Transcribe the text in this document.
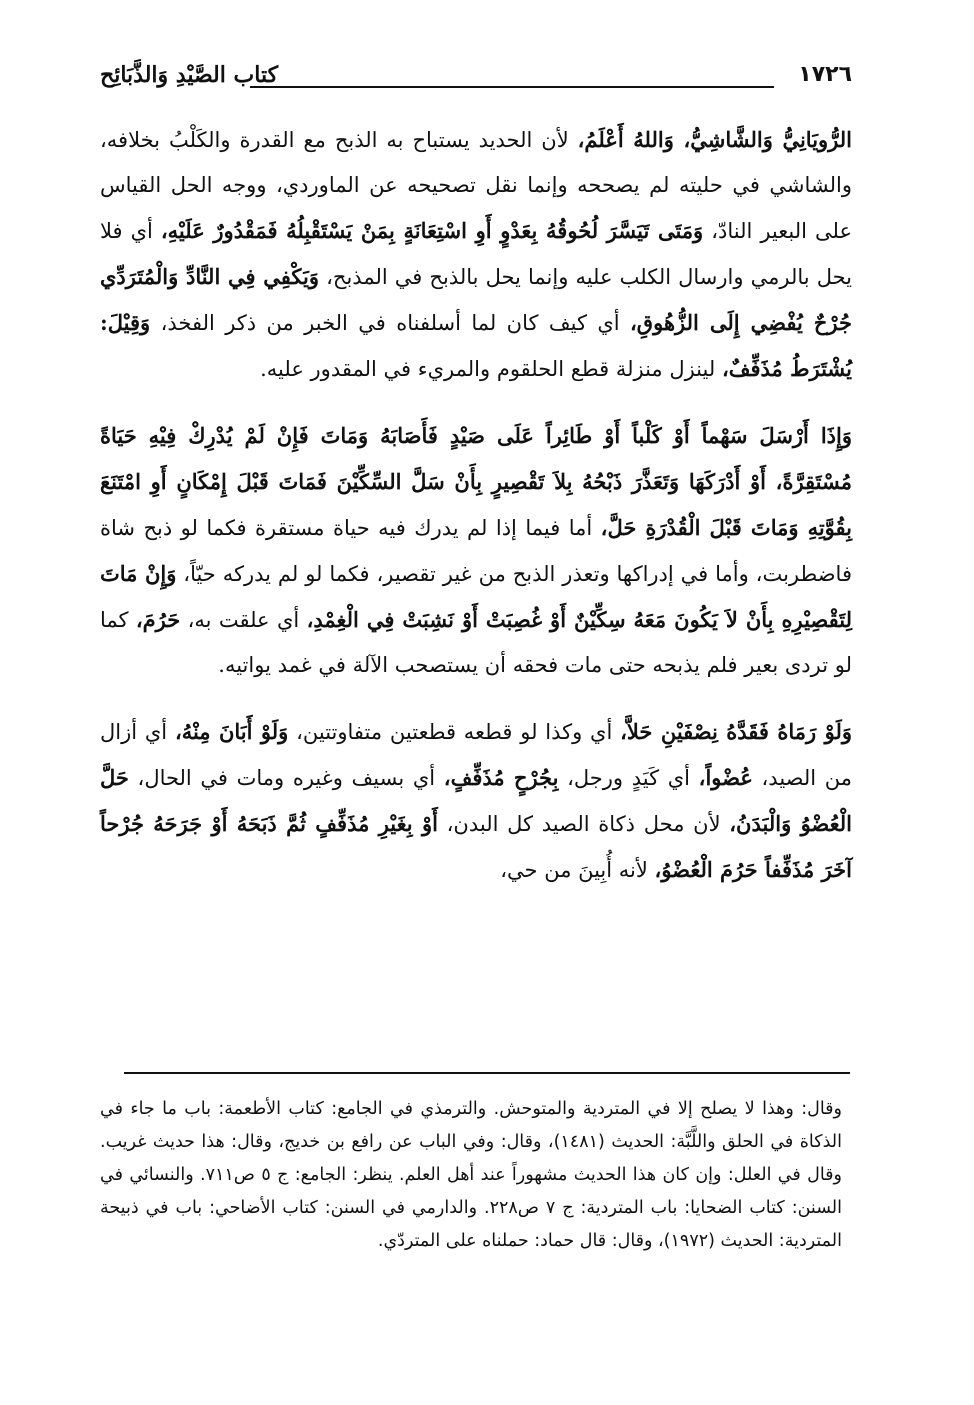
١٧٢٦
كتاب الصَّيْدِ وَالذَّبَائِح

الرُّويَانِيُّ وَالشَّاشِيُّ، وَاللهُ أَعْلَمُ، لأن الحديد يستباح به الذبح مع القدرة والكَلْبُ بخلافه، والشاشي في حليته لم يصححه وإنما نقل تصحيحه عن الماوردي، ووجه الحل القياس على البعير النادّ، وَمَتَى تَيَسَّرَ لُحُوقُهُ بِعَدْوٍ أَوِ اسْتِعَانَةٍ بِمَنْ يَسْتَقْبِلُهُ فَمَقْدُورٌ عَلَيْهِ، أي فلا يحل بالرمي وارسال الكلب عليه وإنما يحل بالذبح في المذبح، وَيَكْفِي فِي النَّادِّ وَالْمُتَرَدِّي جُرْحٌ يُفْضِي إِلَى الزُّهُوقِ، أي كيف كان لما أسلفناه في الخبر من ذكر الفخذ، وَقِيْلَ: يُشْتَرَطُ مُذَفِّفٌ، لينزل منزلة قطع الحلقوم والمريء في المقدور عليه.

وَإِذَا أَرْسَلَ سَهْماً أَوْ كَلْباً أَوْ طَائِراً عَلَى صَيْدٍ فَأَصَابَهُ وَمَاتَ فَإِنْ لَمْ يُدْرِكْ فِيْهِ حَيَاةً مُسْتَقِرَّةً، أَوْ أَدْرَكَهَا وَتَعَذَّرَ ذَبْحُهُ بِلاَ تَقْصِيرٍ بِأَنْ سَلَّ السِّكِّيْنَ فَمَاتَ قَبْلَ إِمْكَانٍ أَوِ امْتَنَعَ بِقُوَّتِهِ وَمَاتَ قَبْلَ الْقُدْرَةِ حَلَّ، أما فيما إذا لم يدرك فيه حياة مستقرة فكما لو ذبح شاة فاضطربت، وأما في إدراكها وتعذر الذبح من غير تقصير، فكما لو لم يدركه حيّاً، وَإِنْ مَاتَ لِتَقْصِيْرِهِ بِأَنْ لاَ يَكُونَ مَعَهُ سِكِّيْنٌ أَوْ غُصِبَتْ أَوْ نَشِبَتْ فِي الْغِمْدِ، أي علقت به، حَرُمَ، كما لو تردى بعير فلم يذبحه حتى مات فحقه أن يستصحب الآلة في غمد يواتيه.

وَلَوْ رَمَاهُ فَقَدَّهُ نِصْفَيْنِ حَلاَّ، أي وكذا لو قطعه قطعتين متفاوتتين، وَلَوْ أَبَانَ مِنْهُ، أي أزال من الصيد، عُضْواً، أي كَيَدٍ ورجل، بِجُرْحٍ مُذَفِّفٍ، أي بسيف وغيره ومات في الحال، حَلَّ الْعُضْوُ وَالْبَدَنُ، لأن محل ذكاة الصيد كل البدن، أَوْ بِغَيْرِ مُذَفِّفٍ ثُمَّ ذَبَحَهُ أَوْ جَرَحَهُ جُرْحاً آخَرَ مُذَفِّفاً حَرُمَ الْعُضْوُ، لأنه أُبِينَ من حي،

وقال: وهذا لا يصلح إلا في المتردية والمتوحش. والترمذي في الجامع: كتاب الأطعمة: باب ما جاء في الذكاة في الحلق واللَّبَّة: الحديث (١٤٨١)، وقال: وفي الباب عن رافع بن خديج، وقال: هذا حديث غريب. وقال في العلل: وإن كان هذا الحديث مشهوراً عند أهل العلم. ينظر: الجامع: ج ٥ ص٧١١. والنسائي في السنن: كتاب الضحايا: باب المتردية: ج ٧ ص٢٢٨. والدارمي في السنن: كتاب الأضاحي: باب في ذبيحة المتردية: الحديث (١٩٧٢)، وقال: قال حماد: حملناه على المتردّي.
